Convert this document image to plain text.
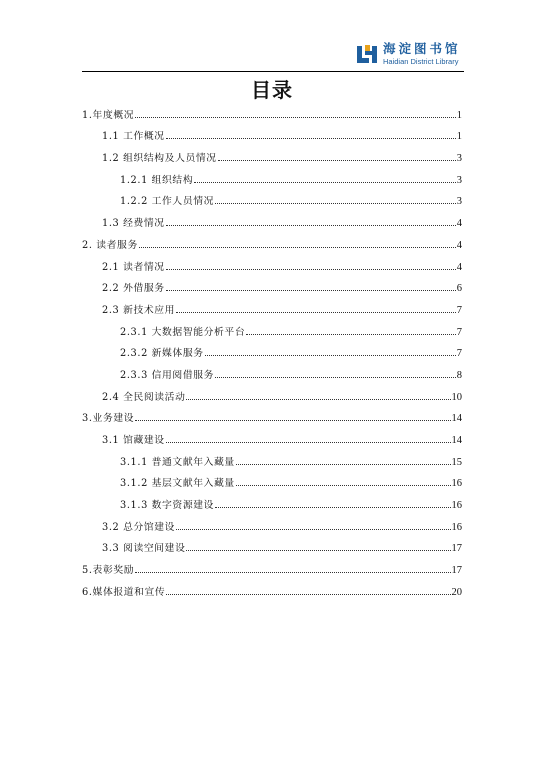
海淀图书馆
Haidian District Library
目录
1.年度概况	1
1.1 工作概况	1
1.2 组织结构及人员情况	3
1.2.1 组织结构	3
1.2.2 工作人员情况	3
1.3 经费情况	4
2. 读者服务	4
2.1 读者情况	4
2.2 外借服务	6
2.3 新技术应用	7
2.3.1 大数据智能分析平台	7
2.3.2 新媒体服务	7
2.3.3 信用阅借服务	8
2.4 全民阅读活动	10
3.业务建设	14
3.1 馆藏建设	14
3.1.1 普通文献年入藏量	15
3.1.2 基层文献年入藏量	16
3.1.3 数字资源建设	16
3.2 总分馆建设	16
3.3 阅读空间建设	17
5.表彰奖励	17
6.媒体报道和宣传	20
